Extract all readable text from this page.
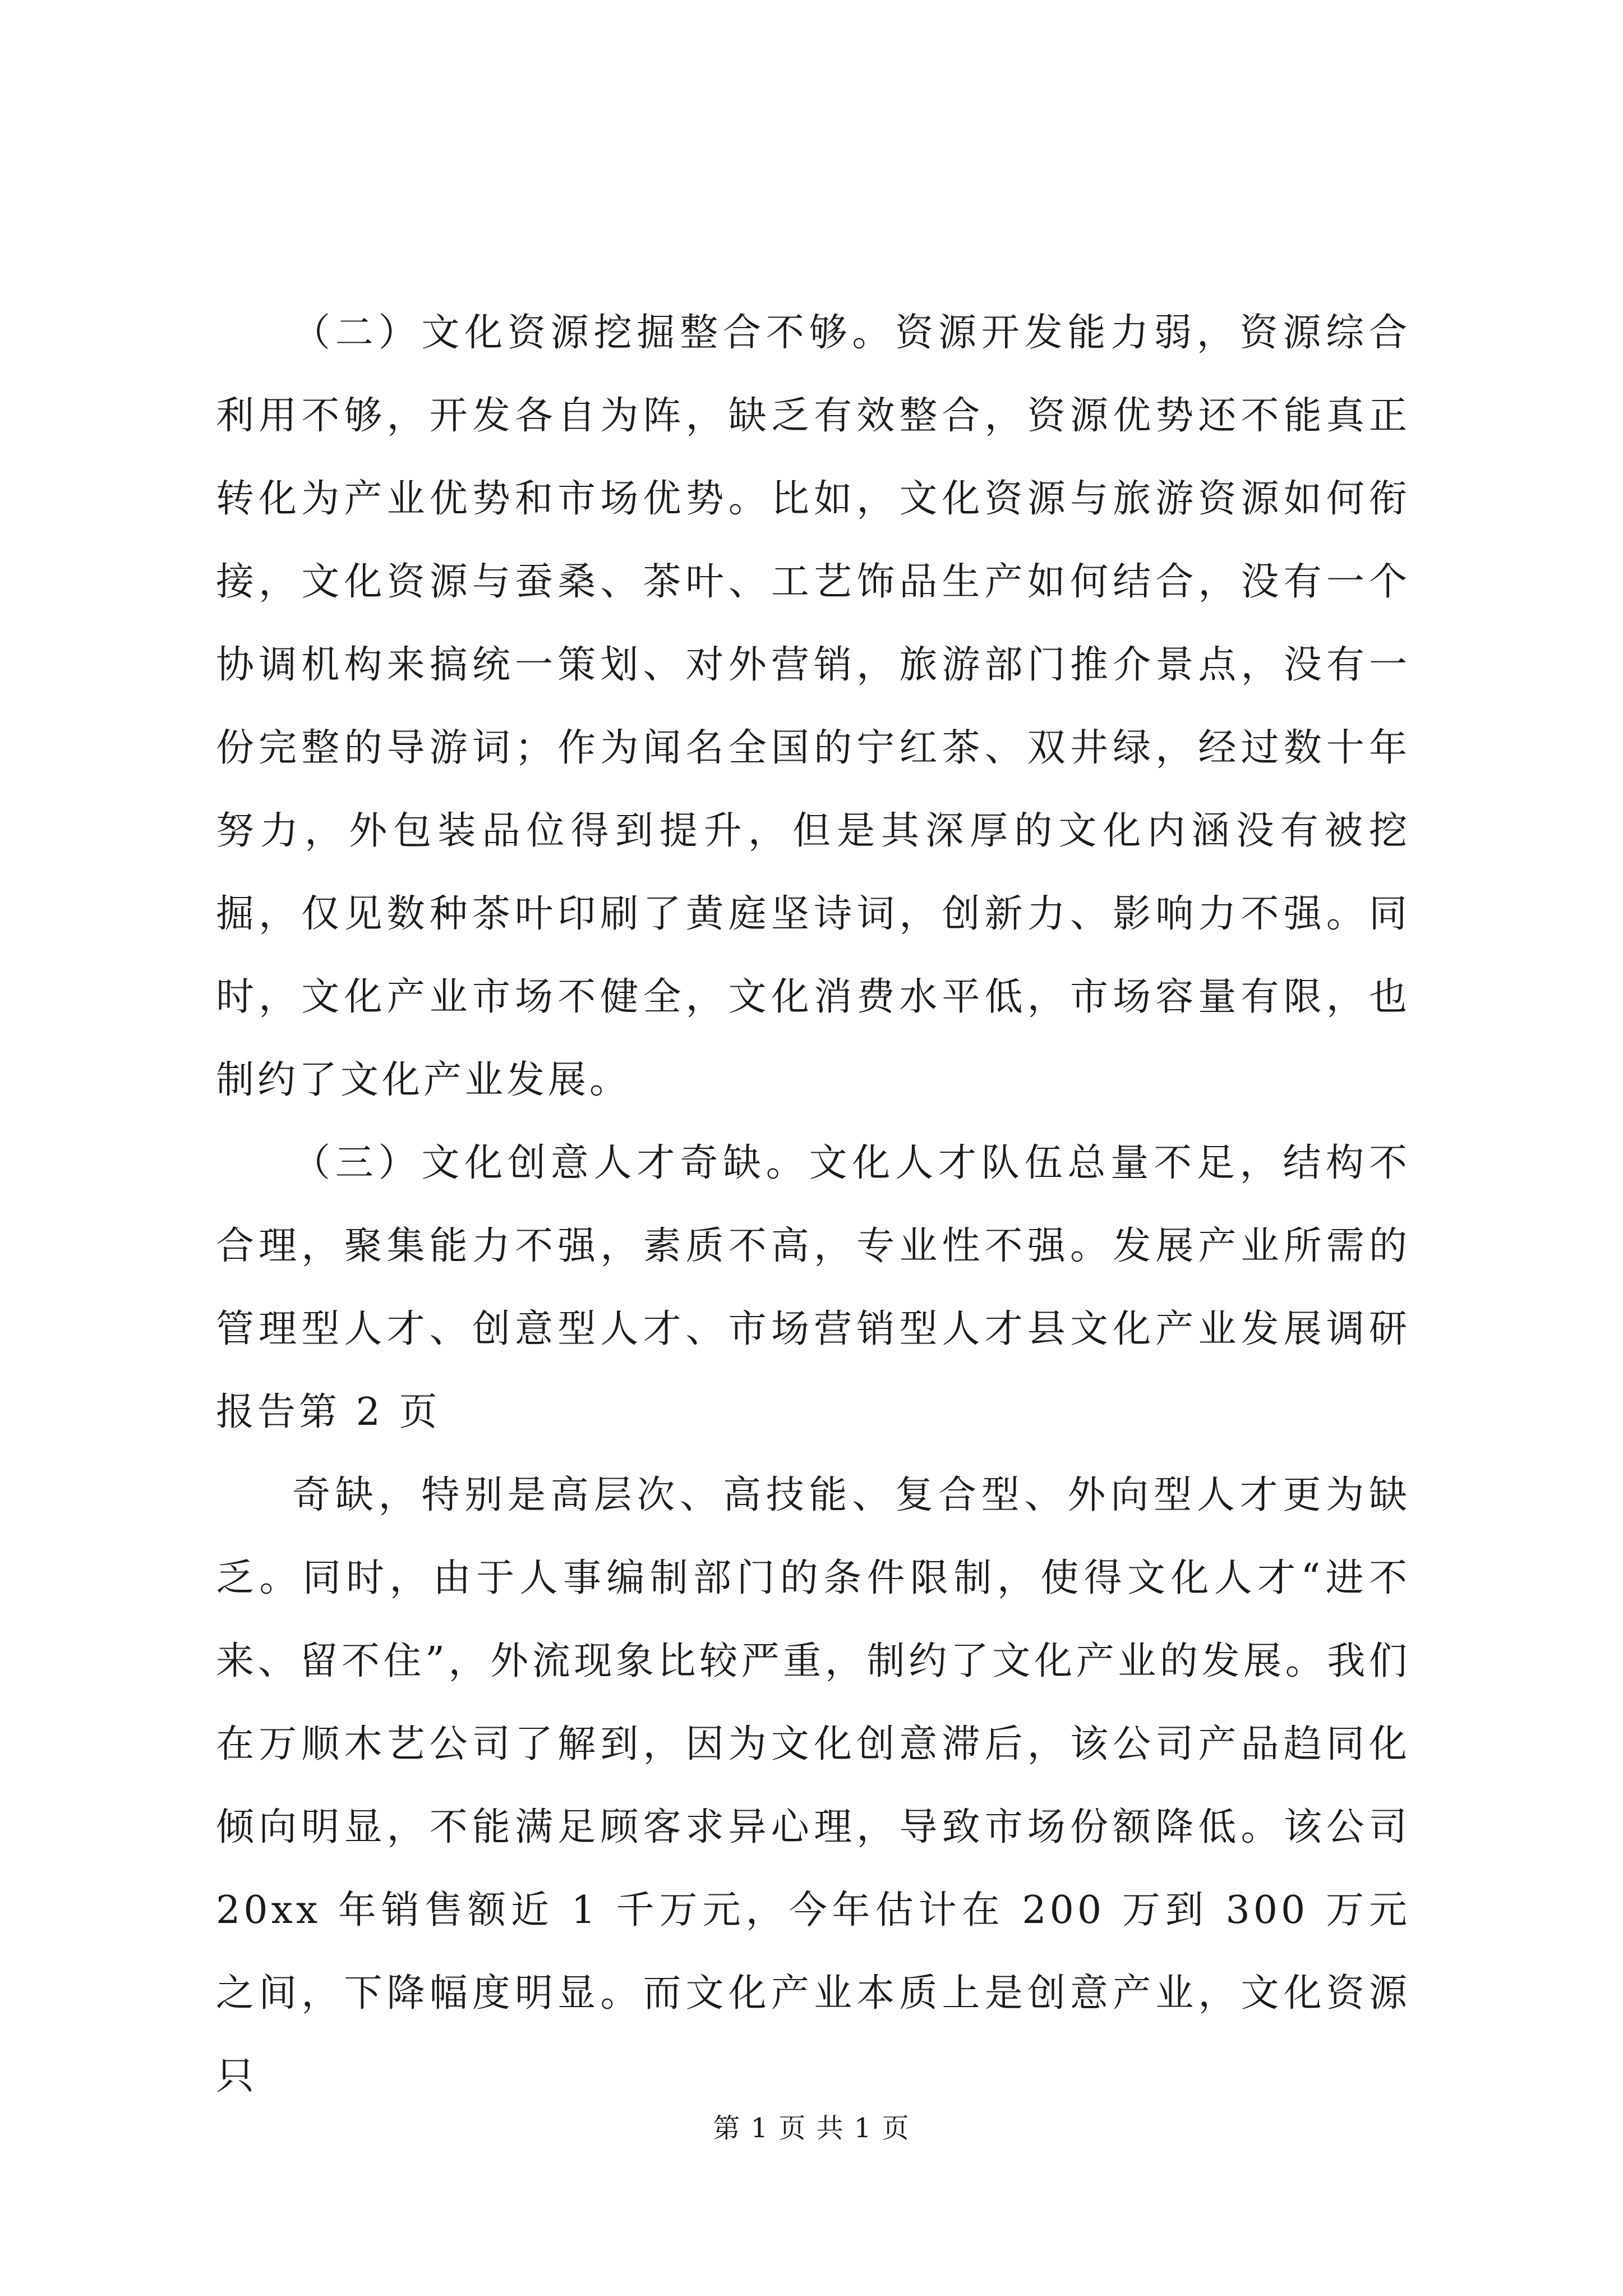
（二）文化资源挖掘整合不够。资源开发能力弱，资源综合利用不够，开发各自为阵，缺乏有效整合，资源优势还不能真正转化为产业优势和市场优势。比如，文化资源与旅游资源如何衔接，文化资源与蚕桑、茶叶、工艺饰品生产如何结合，没有一个协调机构来搞统一策划、对外营销，旅游部门推介景点，没有一份完整的导游词；作为闻名全国的宁红茶、双井绿，经过数十年努力，外包装品位得到提升，但是其深厚的文化内涵没有被挖掘，仅见数种茶叶印刷了黄庭坚诗词，创新力、影响力不强。同时，文化产业市场不健全，文化消费水平低，市场容量有限，也制约了文化产业发展。

（三）文化创意人才奇缺。文化人才队伍总量不足，结构不合理，聚集能力不强，素质不高，专业性不强。发展产业所需的管理型人才、创意型人才、市场营销型人才县文化产业发展调研报告第 2 页

奇缺，特别是高层次、高技能、复合型、外向型人才更为缺乏。同时，由于人事编制部门的条件限制，使得文化人才“进不来、留不住”，外流现象比较严重，制约了文化产业的发展。我们在万顺木艺公司了解到，因为文化创意滞后，该公司产品趋同化倾向明显，不能满足顾客求异心理，导致市场份额降低。该公司 20xx 年销售额近 1 千万元，今年估计在 200 万到 300 万元之间，下降幅度明显。而文化产业本质上是创意产业，文化资源只

第 1 页 共 1 页
